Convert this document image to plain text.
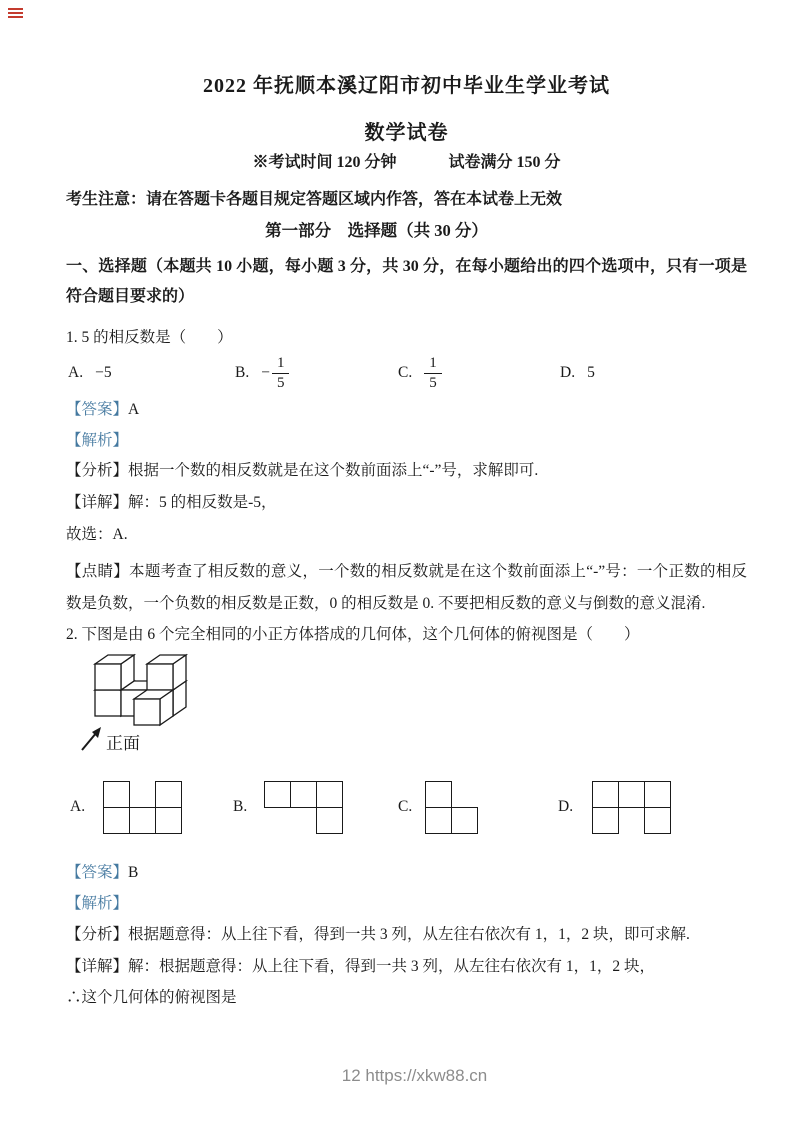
2022 年抚顺本溪辽阳市初中毕业生学业考试
数学试卷
※考试时间 120 分钟	试卷满分 150 分
考生注意：请在答题卡各题目规定答题区域内作答，答在本试卷上无效
第一部分　选择题（共 30 分）
一、选择题（本题共 10 小题，每小题 3 分，共 30 分，在每小题给出的四个选项中，只有一项是符合题目要求的）
1. 5 的相反数是（　　）
A. −5	B. − $\frac{1}{5}$	C. $\frac{1}{5}$	D. 5
【答案】A
【解析】
【分析】根据一个数的相反数就是在这个数前面添上“-”号，求解即可.
【详解】解：5 的相反数是-5，
故选：A.
【点睛】本题考查了相反数的意义，一个数的相反数就是在这个数前面添上“-”号：一个正数的相反数是负数，一个负数的相反数是正数，0 的相反数是 0. 不要把相反数的意义与倒数的意义混淆.
2. 下图是由 6 个完全相同的小正方体搭成的几何体，这个几何体的俯视图是（　　）
正面
A.	B.	C.	D.
【答案】B
【解析】
【分析】根据题意得：从上往下看，得到一共 3 列，从左往右依次有 1，1，2 块，即可求解.
【详解】解：根据题意得：从上往下看，得到一共 3 列，从左往右依次有 1，1，2 块，
∴这个几何体的俯视图是
12 https://xkw88.cn
